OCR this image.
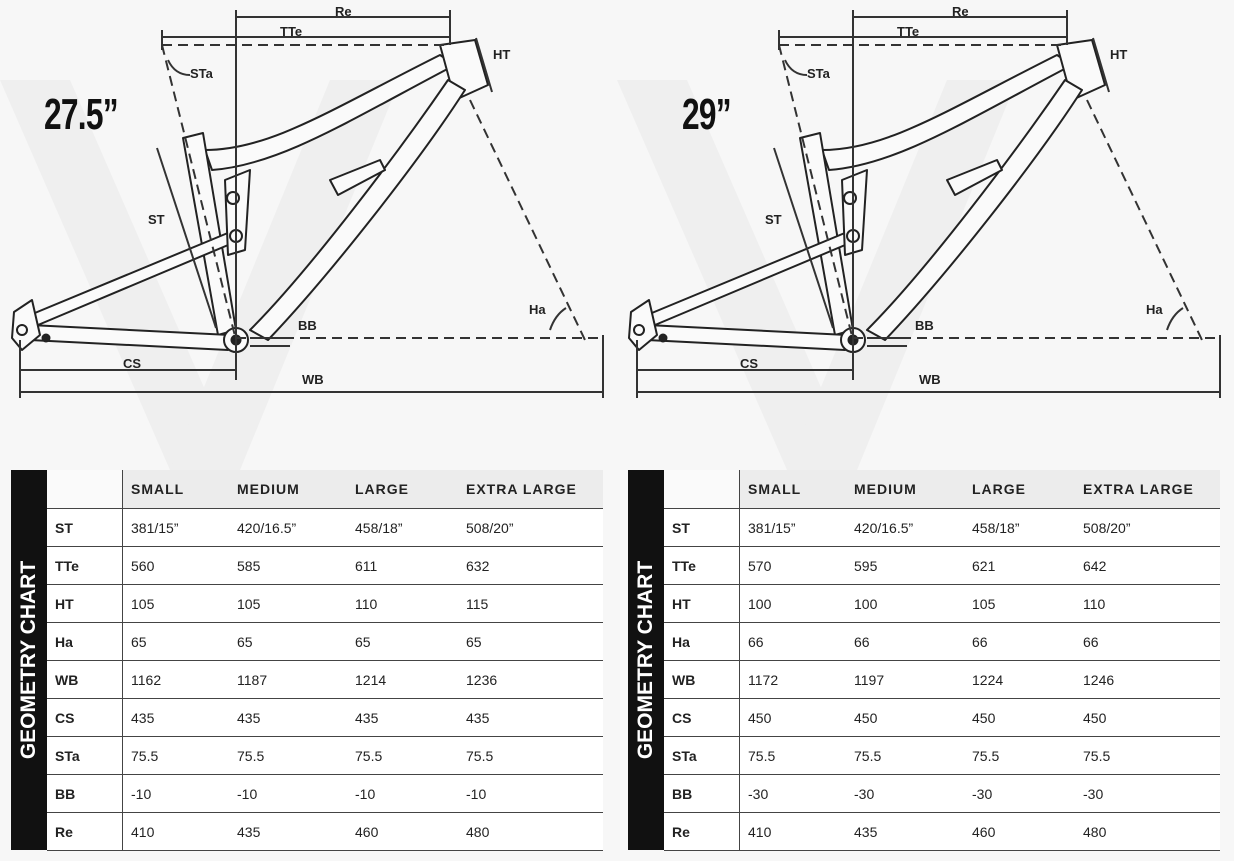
Re
TTe
HT
STa
ST
Ha
BB
CS
WB
27.5”
GEOMETRY CHART
	SMALL	MEDIUM	LARGE	EXTRA LARGE
ST	381/15”	420/16.5”	458/18”	508/20”
TTe	560	585	611	632
HT	105	105	110	115
Ha	65	65	65	65
WB	1162	1187	1214	1236
CS	435	435	435	435
STa	75.5	75.5	75.5	75.5
BB	-10	-10	-10	-10
Re	410	435	460	480
Re
TTe
HT
STa
ST
Ha
BB
CS
WB
29”
GEOMETRY CHART
	SMALL	MEDIUM	LARGE	EXTRA LARGE
ST	381/15”	420/16.5”	458/18”	508/20”
TTe	570	595	621	642
HT	100	100	105	110
Ha	66	66	66	66
WB	1172	1197	1224	1246
CS	450	450	450	450
STa	75.5	75.5	75.5	75.5
BB	-30	-30	-30	-30
Re	410	435	460	480
